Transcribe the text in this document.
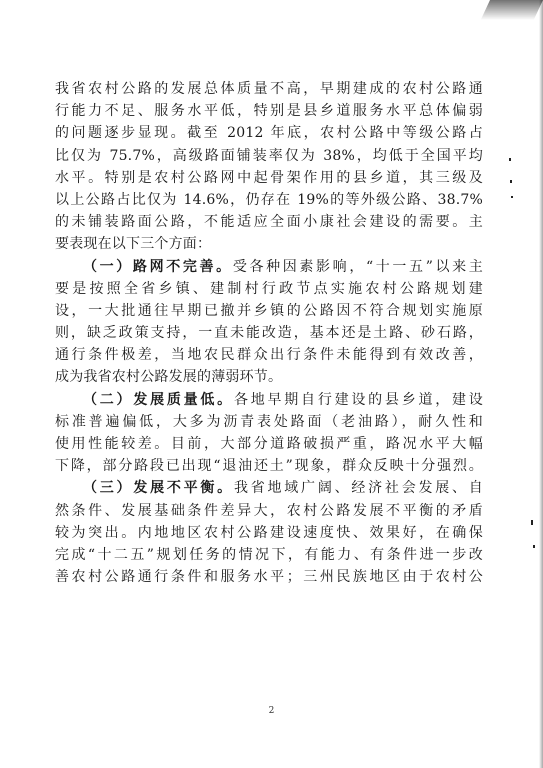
我省农村公路的发展总体质量不高，早期建成的农村公路通
行能力不足、服务水平低，特别是县乡道服务水平总体偏弱
的问题逐步显现。截至 2012 年底，农村公路中等级公路占
比仅为 75.7%，高级路面铺装率仅为 38%，均低于全国平均
水平。特别是农村公路网中起骨架作用的县乡道，其三级及
以上公路占比仅为 14.6%，仍存在 19%的等外级公路、38.7%
的未铺装路面公路，不能适应全面小康社会建设的需要。主
要表现在以下三个方面：
（一）路网不完善。受各种因素影响，“十一五”以来主
要是按照全省乡镇、建制村行政节点实施农村公路规划建
设，一大批通往早期已撤并乡镇的公路因不符合规划实施原
则，缺乏政策支持，一直未能改造，基本还是土路、砂石路，
通行条件极差，当地农民群众出行条件未能得到有效改善，
成为我省农村公路发展的薄弱环节。
（二）发展质量低。各地早期自行建设的县乡道，建设
标准普遍偏低，大多为沥青表处路面（老油路），耐久性和
使用性能较差。目前，大部分道路破损严重，路况水平大幅
下降，部分路段已出现“退油还土”现象，群众反映十分强烈。
（三）发展不平衡。我省地域广阔、经济社会发展、自
然条件、发展基础条件差异大，农村公路发展不平衡的矛盾
较为突出。内地地区农村公路建设速度快、效果好，在确保
完成“十二五”规划任务的情况下，有能力、有条件进一步改
善农村公路通行条件和服务水平；三州民族地区由于农村公
2
